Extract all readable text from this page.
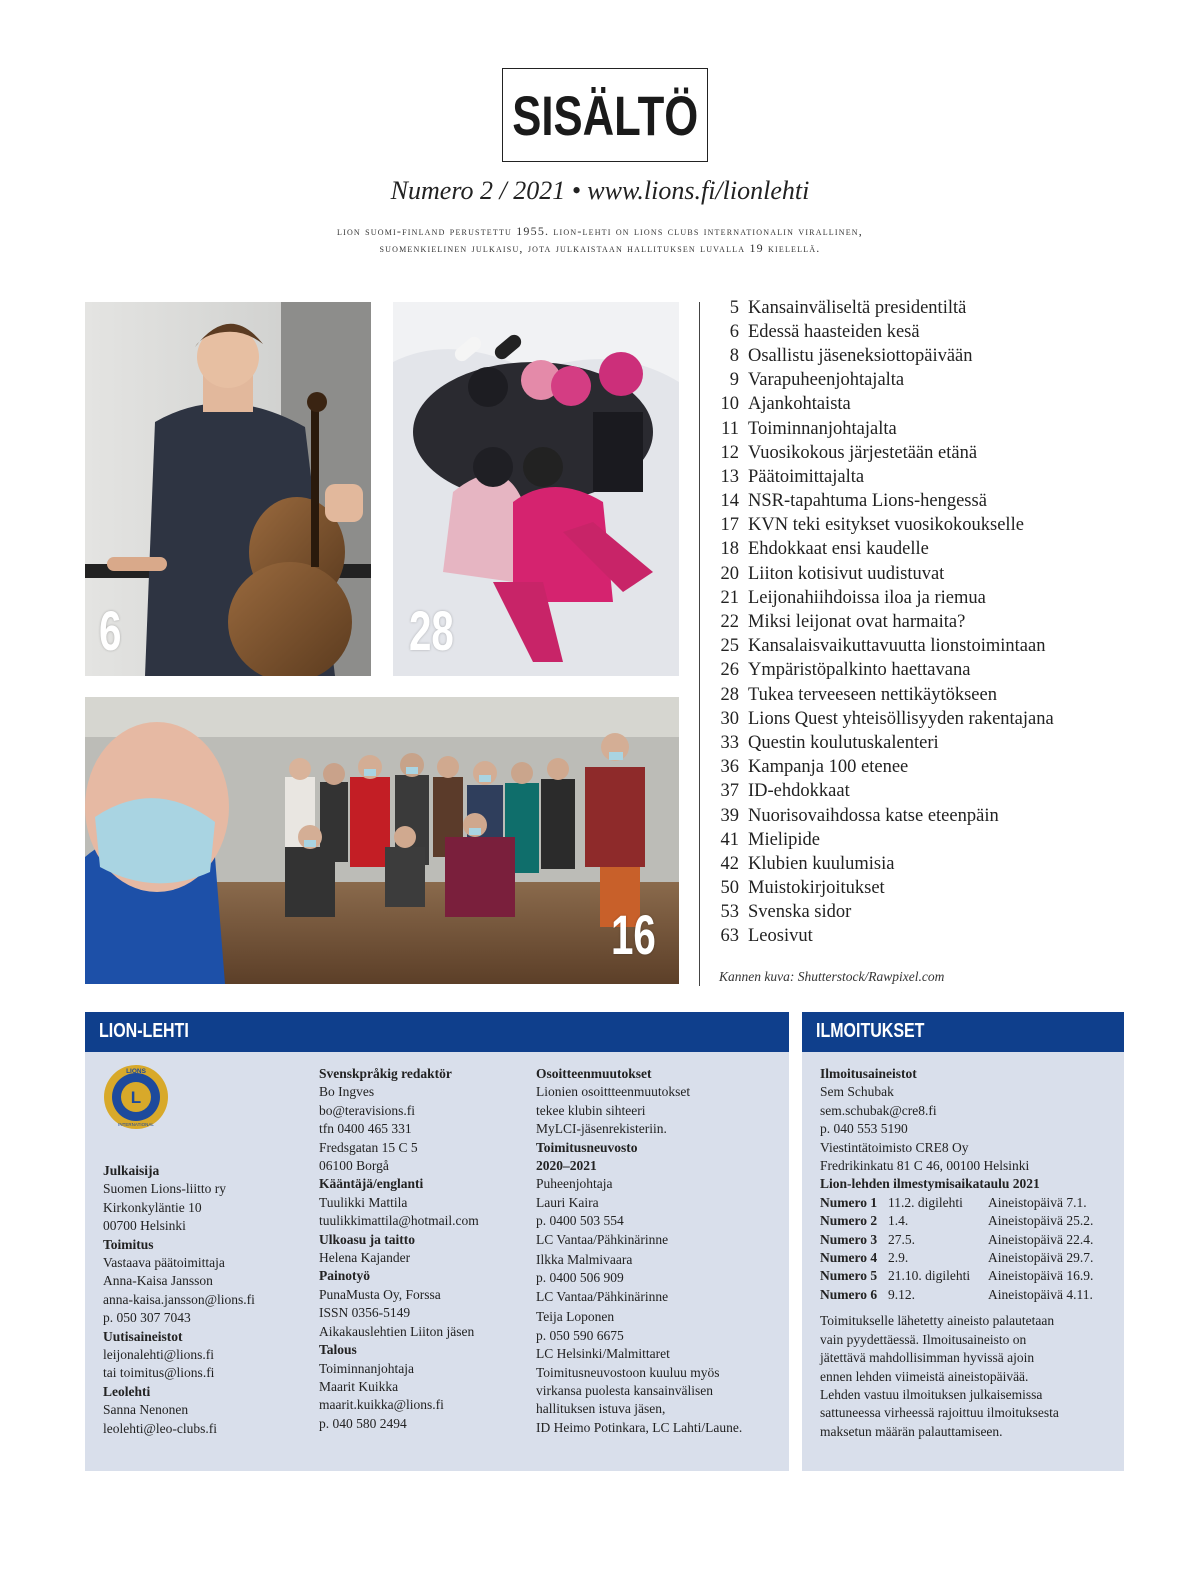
SISÄLTÖ
Numero 2 / 2021 • www.lions.fi/lionlehti
lion suomi-finland perustettu 1955. lion-lehti on lions clubs internationalin virallinen,
suomenkielinen julkaisu, jota julkaistaan hallituksen luvalla 19 kielellä.
6	28
16
5 Kansainväliseltä presidentiltä
6 Edessä haasteiden kesä
8 Osallistu jäseneksiottopäivään
9 Varapuheenjohtajalta
10 Ajankohtaista
11 Toiminnanjohtajalta
12 Vuosikokous järjestetään etänä
13 Päätoimittajalta
14 NSR-tapahtuma Lions-hengessä
17 KVN teki esitykset vuosikokoukselle
18 Ehdokkaat ensi kaudelle
20 Liiton kotisivut uudistuvat
21 Leijonahiihdoissa iloa ja riemua
22 Miksi leijonat ovat harmaita?
25 Kansalaisvaikuttavuutta lionstoimintaan
26 Ympäristöpalkinto haettavana
28 Tukea terveeseen nettikäytökseen
30 Lions Quest yhteisöllisyyden rakentajana
33 Questin koulutuskalenteri
36 Kampanja 100 etenee
37 ID-ehdokkaat
39 Nuorisovaihdossa katse eteenpäin
41 Mielipide
42 Klubien kuulumisia
50 Muistokirjoitukset
53 Svenska sidor
63 Leosivut
Kannen kuva: Shutterstock/Rawpixel.com
LION-LEHTI
L
LIONS
INTERNATIONAL
Julkaisija
Suomen Lions-liitto ry
Kirkonkyläntie 10
00700 Helsinki
Toimitus
Vastaava päätoimittaja
Anna-Kaisa Jansson
anna-kaisa.jansson@lions.fi
p. 050 307 7043
Uutisaineistot
leijonalehti@lions.fi
tai toimitus@lions.fi
Leolehti
Sanna Nenonen
leolehti@leo-clubs.fi
Svenskpråkig redaktör
Bo Ingves
bo@teravisions.fi
tfn 0400 465 331
Fredsgatan 15 C 5
06100 Borgå
Kääntäjä/englanti
Tuulikki Mattila
tuulikkimattila@hotmail.com
Ulkoasu ja taitto
Helena Kajander
Painotyö
PunaMusta Oy, Forssa
ISSN 0356-5149
Aikakauslehtien Liiton jäsen
Talous
Toiminnanjohtaja
Maarit Kuikka
maarit.kuikka@lions.fi
p. 040 580 2494
Osoitteenmuutokset
Lionien osoittteenmuutokset
tekee klubin sihteeri
MyLCI-jäsenrekisteriin.
Toimitusneuvosto
2020–2021
Puheenjohtaja
Lauri Kaira
p. 0400 503 554
LC Vantaa/Pähkinärinne
Ilkka Malmivaara
p. 0400 506 909
LC Vantaa/Pähkinärinne
Teija Loponen
p. 050 590 6675
LC Helsinki/Malmittaret
Toimitusneuvostoon kuuluu myös
virkansa puolesta kansainvälisen
hallituksen istuva jäsen,
ID Heimo Potinkara, LC Lahti/Laune.
ILMOITUKSET
Ilmoitusaineistot
Sem Schubak
sem.schubak@cre8.fi
p. 040 553 5190
Viestintätoimisto CRE8 Oy
Fredrikinkatu 81 C 46, 00100 Helsinki
Lion-lehden ilmestymisaikataulu 2021
Numero 1	11.2. digilehti	Aineistopäivä 7.1.
Numero 2	1.4.	Aineistopäivä 25.2.
Numero 3	27.5.	Aineistopäivä 22.4.
Numero 4	2.9.	Aineistopäivä 29.7.
Numero 5	21.10. digilehti	Aineistopäivä 16.9.
Numero 6	9.12.	Aineistopäivä 4.11.
Toimitukselle lähetetty aineisto palautetaan
vain pyydettäessä. Ilmoitusaineisto on
jätettävä mahdollisimman hyvissä ajoin
ennen lehden viimeistä aineistopäivää.
Lehden vastuu ilmoituksen julkaisemissa
sattuneessa virheessä rajoittuu ilmoituksesta
maksetun määrän palauttamiseen.
